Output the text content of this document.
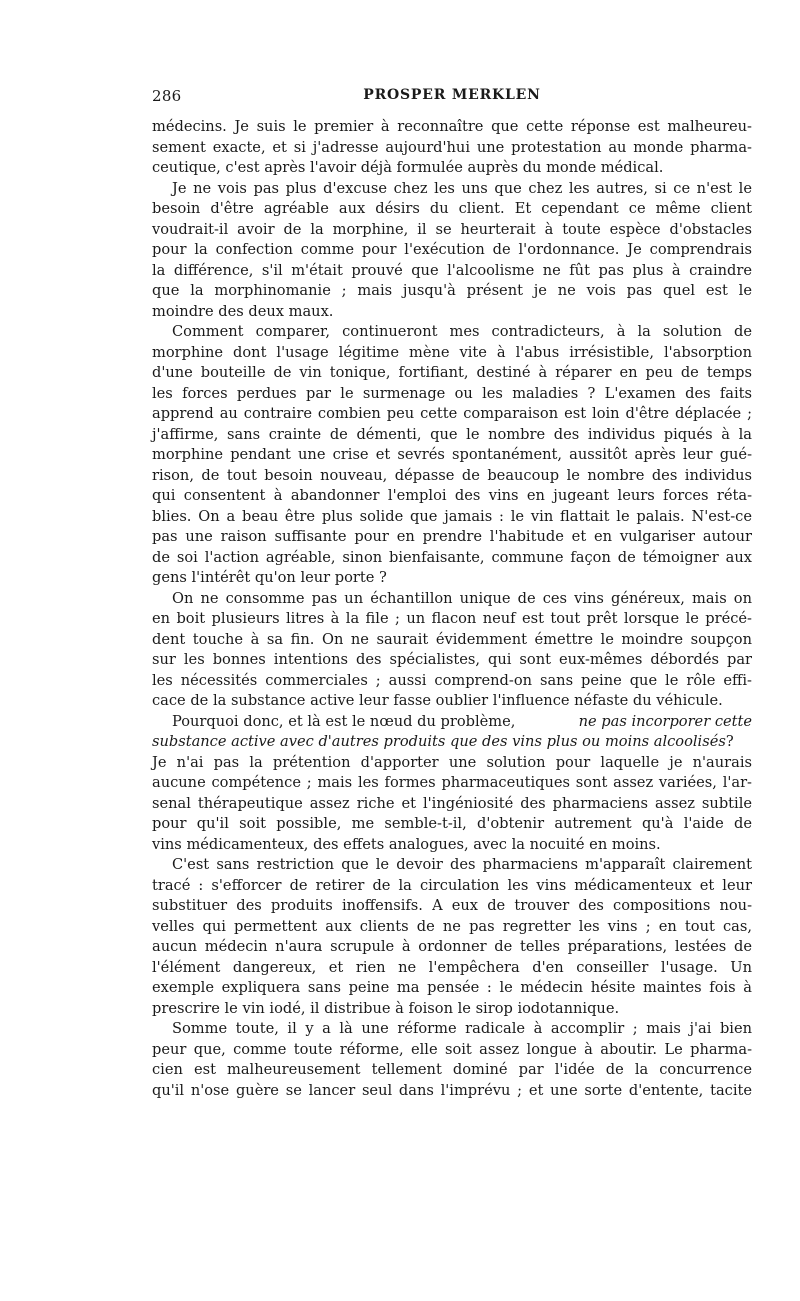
286	PROSPER MERKLEN
médecins. Je suis le premier à reconnaître que cette réponse est malheureu-
sement exacte, et si j'adresse aujourd'hui une protestation au monde pharma-
ceutique, c'est après l'avoir déjà formulée auprès du monde médical.
Je ne vois pas plus d'excuse chez les uns que chez les autres, si ce n'est le
besoin d'être agréable aux désirs du client. Et cependant ce même client
voudrait-il avoir de la morphine, il se heurterait à toute espèce d'obstacles
pour la confection comme pour l'exécution de l'ordonnance. Je comprendrais
la différence, s'il m'était prouvé que l'alcoolisme ne fût pas plus à craindre
que la morphinomanie ; mais jusqu'à présent je ne vois pas quel est le
moindre des deux maux.
Comment comparer, continueront mes contradicteurs, à la solution de
morphine dont l'usage légitime mène vite à l'abus irrésistible, l'absorption
d'une bouteille de vin tonique, fortifiant, destiné à réparer en peu de temps
les forces perdues par le surmenage ou les maladies ? L'examen des faits
apprend au contraire combien peu cette comparaison est loin d'être déplacée ;
j'affirme, sans crainte de démenti, que le nombre des individus piqués à la
morphine pendant une crise et sevrés spontanément, aussitôt après leur gué-
rison, de tout besoin nouveau, dépasse de beaucoup le nombre des individus
qui consentent à abandonner l'emploi des vins en jugeant leurs forces réta-
blies. On a beau être plus solide que jamais : le vin flattait le palais. N'est-ce
pas une raison suffisante pour en prendre l'habitude et en vulgariser autour
de soi l'action agréable, sinon bienfaisante, commune façon de témoigner aux
gens l'intérêt qu'on leur porte ?
On ne consomme pas un échantillon unique de ces vins généreux, mais on
en boit plusieurs litres à la file ; un flacon neuf est tout prêt lorsque le précé-
dent touche à sa fin. On ne saurait évidemment émettre le moindre soupçon
sur les bonnes intentions des spécialistes, qui sont eux-mêmes débordés par
les nécessités commerciales ; aussi comprend-on sans peine que le rôle effi-
cace de la substance active leur fasse oublier l'influence néfaste du véhicule.
Pourquoi donc, et là est le nœud du problème,	ne pas incorporer cette
substance active avec d'autres produits que des vins plus ou moins alcoolisés?
Je n'ai pas la prétention d'apporter une solution pour laquelle je n'aurais
aucune compétence ; mais les formes pharmaceutiques sont assez variées, l'ar-
senal thérapeutique assez riche et l'ingéniosité des pharmaciens assez subtile
pour qu'il soit possible, me semble-t-il, d'obtenir autrement qu'à l'aide de
vins médicamenteux, des effets analogues, avec la nocuité en moins.
C'est sans restriction que le devoir des pharmaciens m'apparaît clairement
tracé : s'efforcer de retirer de la circulation les vins médicamenteux et leur
substituer des produits inoffensifs. A eux de trouver des compositions nou-
velles qui permettent aux clients de ne pas regretter les vins ; en tout cas,
aucun médecin n'aura scrupule à ordonner de telles préparations, lestées de
l'élément dangereux, et rien ne l'empêchera d'en conseiller l'usage. Un
exemple expliquera sans peine ma pensée : le médecin hésite maintes fois à
prescrire le vin iodé, il distribue à foison le sirop iodotannique.
Somme toute, il y a là une réforme radicale à accomplir ; mais j'ai bien
peur que, comme toute réforme, elle soit assez longue à aboutir. Le pharma-
cien est malheureusement tellement dominé par l'idée de la concurrence
qu'il n'ose guère se lancer seul dans l'imprévu ; et une sorte d'entente, tacite
